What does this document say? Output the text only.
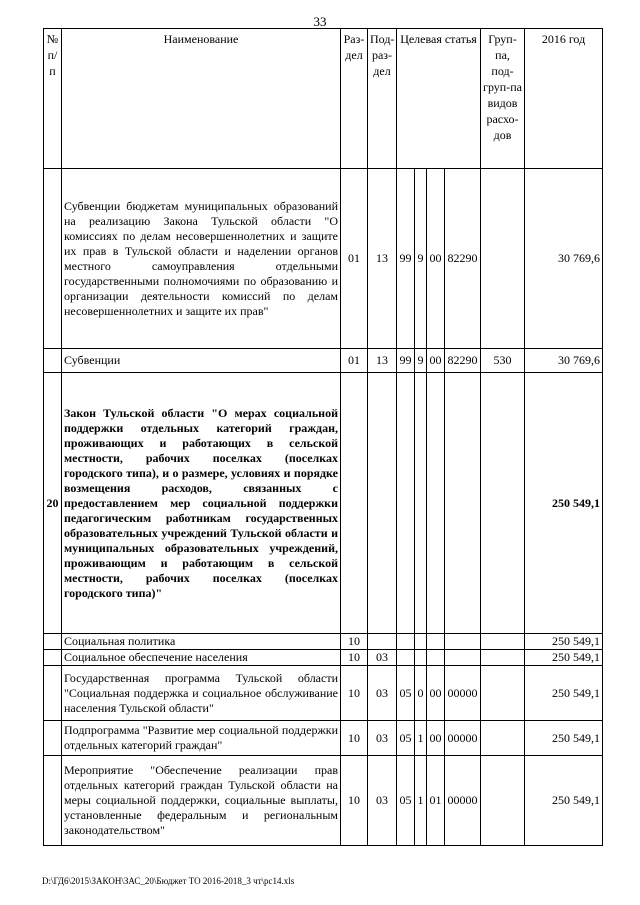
33
№ п/п	Наименование	Раз-дел	Под-раз-дел	Целевая статья				Груп-па, под-груп-па видов расхо-дов	2016 год
	Субвенции бюджетам муниципальных образований на реализацию Закона Тульской области "О комиссиях по делам несовершеннолетних и защите их прав в Тульской области и наделении органов местного самоуправления отдельными государственными полномочиями по образованию и организации деятельности комиссий по делам несовершеннолетних и защите их прав"	01	13	99	9	00	82290		30 769,6
	Субвенции	01	13	99	9	00	82290	530	30 769,6
20	Закон Тульской области "О мерах социальной поддержки отдельных категорий граждан, проживающих и работающих в сельской местности, рабочих поселках (поселках городского типа), и о размере, условиях и порядке возмещения расходов, связанных с предоставлением мер социальной поддержки педагогическим работникам государственных образовательных учреждений Тульской области и муниципальных образовательных учреждений, проживающим и работающим в сельской местности, рабочих поселках (поселках городского типа)"								250 549,1
	Социальная политика	10							250 549,1
	Социальное обеспечение населения	10	03						250 549,1
	Государственная программа Тульской области "Социальная поддержка и социальное обслуживание населения Тульской области"	10	03	05	0	00	00000		250 549,1
	Подпрограмма "Развитие мер социальной поддержки отдельных категорий граждан"	10	03	05	1	00	00000		250 549,1
	Мероприятие "Обеспечение реализации прав отдельных категорий граждан Тульской области на меры социальной поддержки, социальные выплаты, установленные федеральным и региональным законодательством"	10	03	05	1	01	00000		250 549,1
D:\ГД6\2015\ЗАКОН\ЗАС_20\Бюджет ТО 2016-2018_3 чт\рс14.xls
